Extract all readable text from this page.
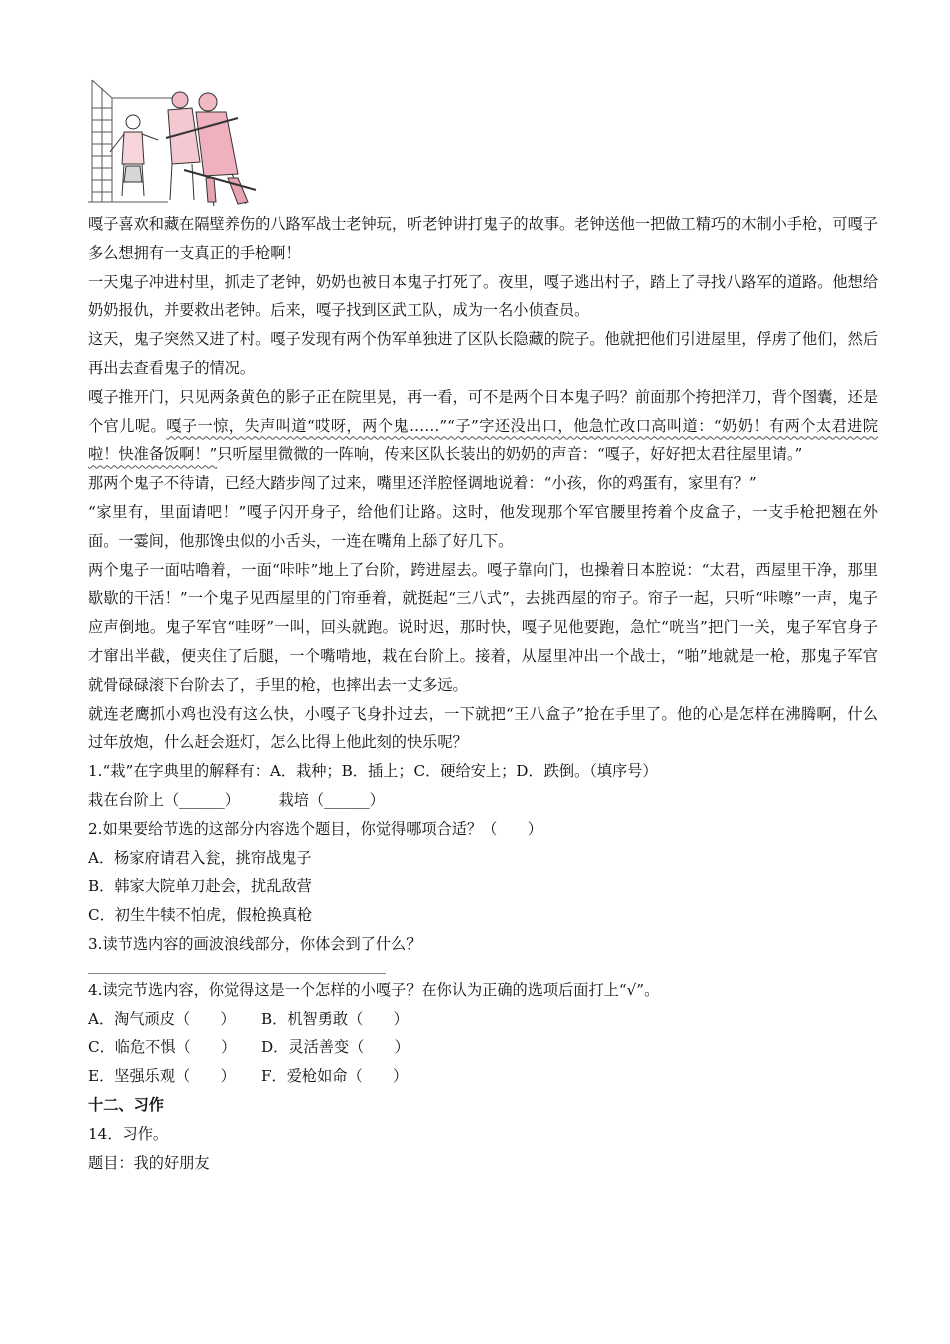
嘎子喜欢和藏在隔壁养伤的八路军战士老钟玩，听老钟讲打鬼子的故事。老钟送他一把做工精巧的木制小手枪，可嘎子多么想拥有一支真正的手枪啊！

一天鬼子冲进村里，抓走了老钟，奶奶也被日本鬼子打死了。夜里，嘎子逃出村子，踏上了寻找八路军的道路。他想给奶奶报仇，并要救出老钟。后来，嘎子找到区武工队，成为一名小侦查员。

这天，鬼子突然又进了村。嘎子发现有两个伪军单独进了区队长隐藏的院子。他就把他们引进屋里，俘虏了他们，然后再出去查看鬼子的情况。

嘎子推开门，只见两条黄色的影子正在院里晃，再一看，可不是两个日本鬼子吗？前面那个挎把洋刀，背个图囊，还是个官儿呢。嘎子一惊，失声叫道“哎呀，两个鬼……”“子”字还没出口，他急忙改口高叫道：“奶奶！有两个太君进院啦！快准备饭啊！”只听屋里微微的一阵响，传来区队长装出的奶奶的声音：“嘎子，好好把太君往屋里请。”

那两个鬼子不待请，已经大踏步闯了过来，嘴里还洋腔怪调地说着：“小孩，你的鸡蛋有，家里有？”

“家里有，里面请吧！”嘎子闪开身子，给他们让路。这时，他发现那个军官腰里挎着个皮盒子，一支手枪把翘在外面。一霎间，他那馋虫似的小舌头，一连在嘴角上舔了好几下。

两个鬼子一面咕噜着，一面“咔咔”地上了台阶，跨进屋去。嘎子靠向门，也操着日本腔说：“太君，西屋里干净，那里歇歇的干活！”一个鬼子见西屋里的门帘垂着，就挺起“三八式”，去挑西屋的帘子。帘子一起，只听“咔嚓”一声，鬼子应声倒地。鬼子军官“哇呀”一叫，回头就跑。说时迟，那时快，嘎子见他要跑，急忙“咣当”把门一关，鬼子军官身子才窜出半截，便夹住了后腿，一个嘴啃地，栽在台阶上。接着，从屋里冲出一个战士，“啪”地就是一枪，那鬼子军官就骨碌碌滚下台阶去了，手里的枪，也摔出去一丈多远。

就连老鹰抓小鸡也没有这么快，小嘎子飞身扑过去，一下就把“王八盒子”抢在手里了。他的心是怎样在沸腾啊，什么过年放炮，什么赶会逛灯，怎么比得上他此刻的快乐呢？

1.“栽”在字典里的解释有：A．栽种；B．插上；C．硬给安上；D．跌倒。（填序号）

栽在台阶上（______）	栽培（______）

2.如果要给节选的这部分内容选个题目，你觉得哪项合适？（　　）

A．杨家府请君入瓮，挑帘战鬼子

B．韩家大院单刀赴会，扰乱敌营

C．初生牛犊不怕虎，假枪换真枪

3.读节选内容的画波浪线部分，你体会到了什么？

4.读完节选内容，你觉得这是一个怎样的小嘎子？在你认为正确的选项后面打上“√”。

A．淘气顽皮（　　）	B．机智勇敢（　　）

C．临危不惧（　　）	D．灵活善变（　　）

E．坚强乐观（　　）	F．爱枪如命（　　）

十二、习作

14．习作。

题目：我的好朋友
